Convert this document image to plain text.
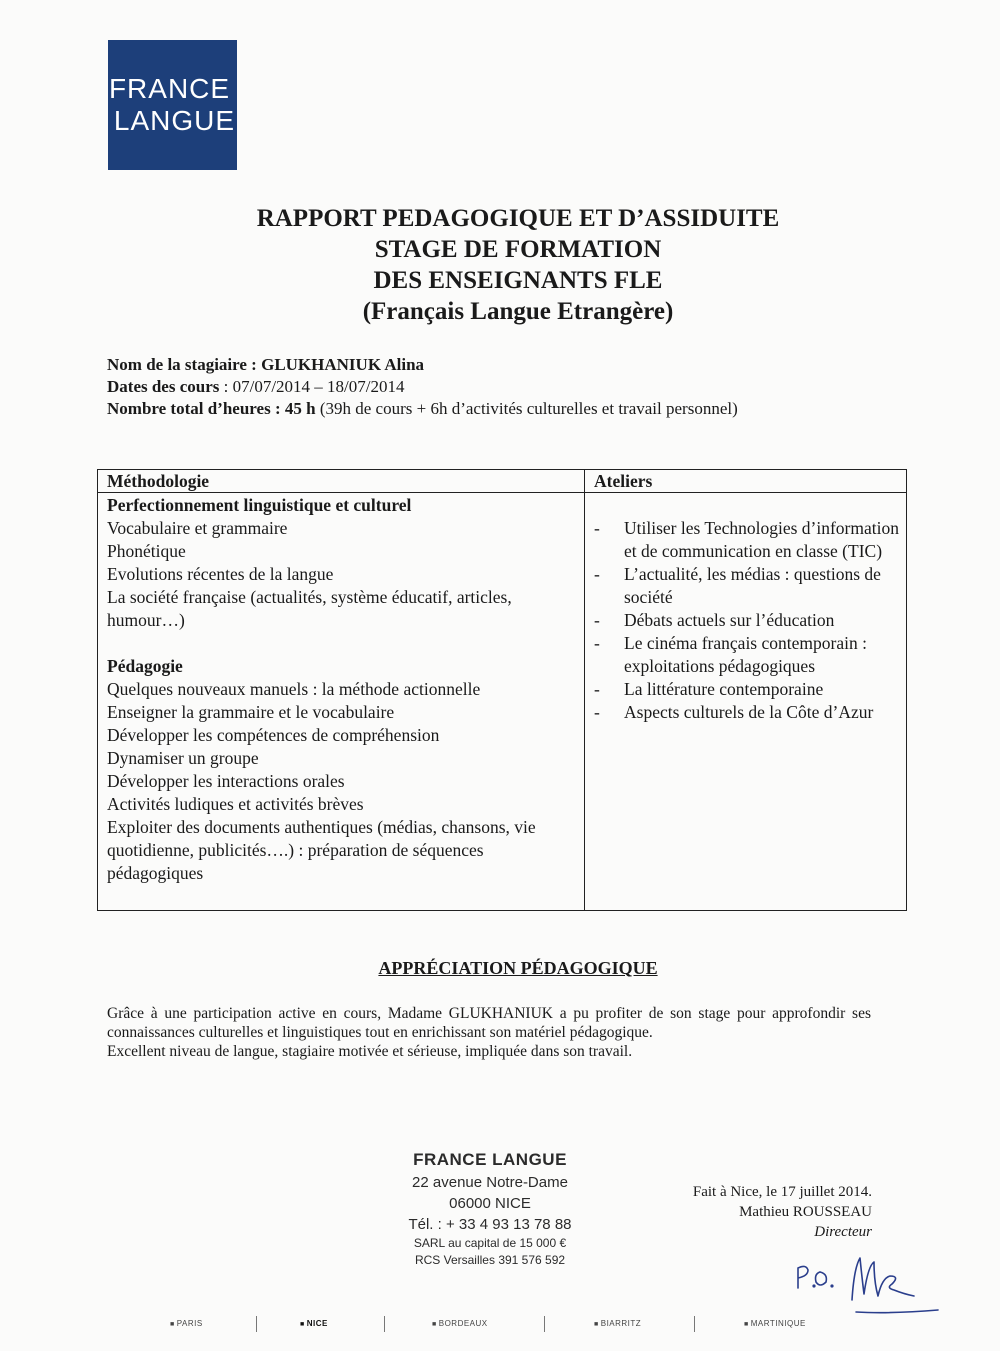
FRANCE
LANGUE
RAPPORT PEDAGOGIQUE ET D’ASSIDUITE
STAGE DE FORMATION
DES ENSEIGNANTS FLE
(Français Langue Etrangère)
Nom de la stagiaire : GLUKHANIUK Alina
Dates des cours : 07/07/2014 – 18/07/2014
Nombre total d’heures : 45 h (39h de cours + 6h d’activités culturelles et travail personnel)
Méthodologie	Ateliers
Perfectionnement linguistique et culturel
Vocabulaire et grammaire
Phonétique
Evolutions récentes de la langue
La société française (actualités, système éducatif, articles, humour…)
Pédagogie
Quelques nouveaux manuels : la méthode actionnelle
Enseigner la grammaire et le vocabulaire
Développer les compétences de compréhension
Dynamiser un groupe
Développer les interactions orales
Activités ludiques et activités brèves
Exploiter des documents authentiques (médias, chansons, vie quotidienne, publicités….) : préparation de séquences pédagogiques
-	Utiliser les Technologies d’information et de communication en classe (TIC)
-	L’actualité, les médias : questions de société
-	Débats actuels sur l’éducation
-	Le cinéma français contemporain : exploitations pédagogiques
-	La littérature contemporaine
-	Aspects culturels de la Côte d’Azur
APPRÉCIATION PÉDAGOGIQUE

Grâce à une participation active en cours, Madame GLUKHANIUK a pu profiter de son stage pour approfondir ses connaissances culturelles et linguistiques tout en enrichissant son matériel pédagogique.

Excellent niveau de langue, stagiaire motivée et sérieuse, impliquée dans son travail.

FRANCE LANGUE
22 avenue Notre-Dame
06000 NICE
Tél. : + 33 4 93 13 78 88
SARL au capital de 15 000 €
RCS Versailles 391 576 592
Fait à Nice, le 17 juillet 2014.
Mathieu ROUSSEAU
Directeur
■ PARIS	■ NICE	■ BORDEAUX	■ BIARRITZ	■ MARTINIQUE
